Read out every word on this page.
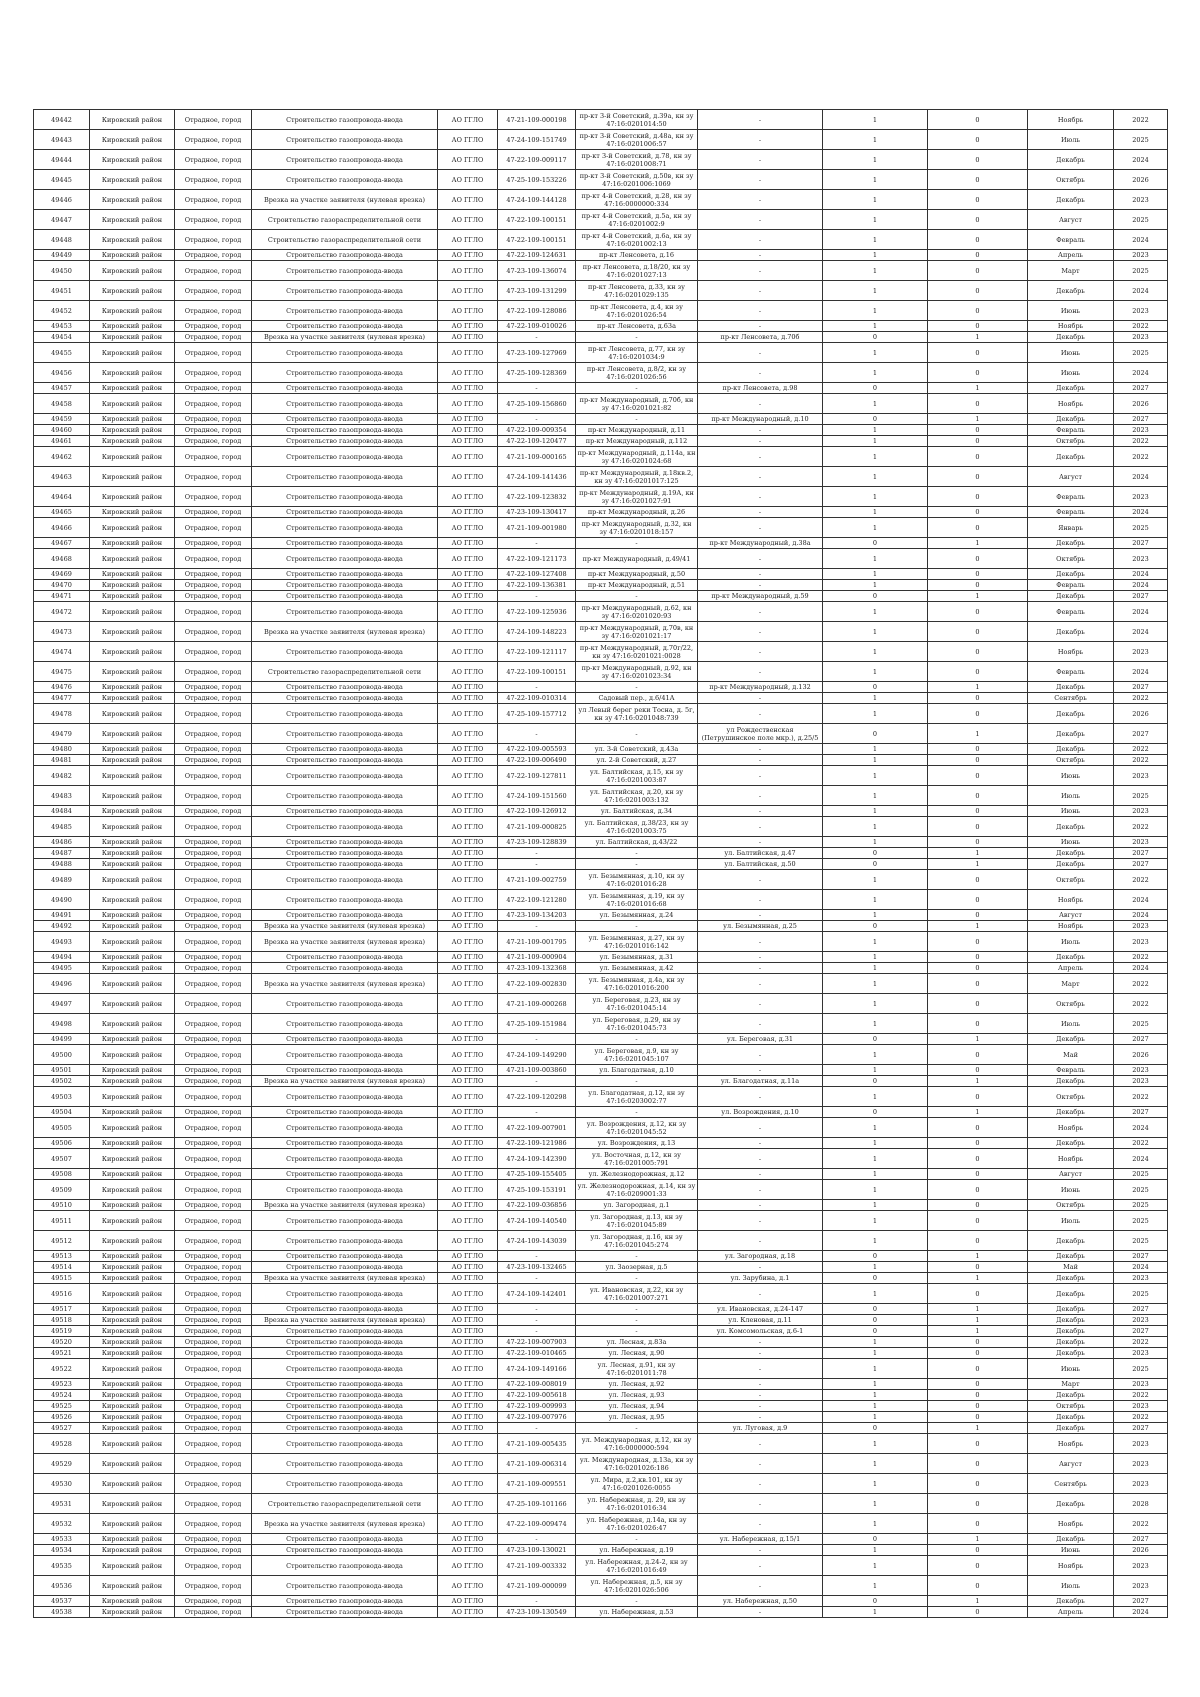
49442	Кировский район	Отрадное, город	Строительство газопровода-ввода	АО ГГЛО	47-21-109-000198	пр-кт 3-й Советский, д.39а, кн зу 47:16:0201014:50	-	1	0	Ноябрь	2022
49443	Кировский район	Отрадное, город	Строительство газопровода-ввода	АО ГГЛО	47-24-109-151749	пр-кт 3-й Советский, д.48а, кн зу 47:16:0201006:57	-	1	0	Июль	2025
49444	Кировский район	Отрадное, город	Строительство газопровода-ввода	АО ГГЛО	47-22-109-009117	пр-кт 3-й Советский, д.78, кн зу 47:16:0201008:71	-	1	0	Декабрь	2024
49445	Кировский район	Отрадное, город	Строительство газопровода-ввода	АО ГГЛО	47-25-109-153226	пр-кт 3-й Советский, д.50в, кн зу 47:16:0201006:1069	-	1	0	Октябрь	2026
49446	Кировский район	Отрадное, город	Врезка на участке заявителя (нулевая врезка)	АО ГГЛО	47-24-109-144128	пр-кт 4-й Советский, д.28, кн зу 47:16:0000000:334	-	1	0	Декабрь	2023
49447	Кировский район	Отрадное, город	Строительство газораспределительной сети	АО ГГЛО	47-22-109-100151	пр-кт 4-й Советский, д.5а, кн зу 47:16:0201002:9	-	1	0	Август	2025
49448	Кировский район	Отрадное, город	Строительство газораспределительной сети	АО ГГЛО	47-22-109-100151	пр-кт 4-й Советский, д.6а, кн зу 47:16:0201002:13	-	1	0	Февраль	2024
49449	Кировский район	Отрадное, город	Строительство газопровода-ввода	АО ГГЛО	47-22-109-124631	пр-кт Ленсовета, д.16	-	1	0	Апрель	2023
49450	Кировский район	Отрадное, город	Строительство газопровода-ввода	АО ГГЛО	47-23-109-136074	пр-кт Ленсовета, д.18/20, кн зу 47:16:0201027:13	-	1	0	Март	2025
49451	Кировский район	Отрадное, город	Строительство газопровода-ввода	АО ГГЛО	47-23-109-131299	пр-кт Ленсовета, д.33, кн зу 47:16:0201029:135	-	1	0	Декабрь	2024
49452	Кировский район	Отрадное, город	Строительство газопровода-ввода	АО ГГЛО	47-22-109-128086	пр-кт Ленсовета, д.4, кн зу 47:16:0201026:54	-	1	0	Июнь	2023
49453	Кировский район	Отрадное, город	Строительство газопровода-ввода	АО ГГЛО	47-22-109-010026	пр-кт Ленсовета, д.63а	-	1	0	Ноябрь	2022
49454	Кировский район	Отрадное, город	Врезка на участке заявителя (нулевая врезка)	АО ГГЛО	-	-	пр-кт Ленсовета, д.70б	0	1	Декабрь	2023
49455	Кировский район	Отрадное, город	Строительство газопровода-ввода	АО ГГЛО	47-23-109-127969	пр-кт Ленсовета, д.77, кн зу 47:16:0201034:9	-	1	0	Июнь	2025
49456	Кировский район	Отрадное, город	Строительство газопровода-ввода	АО ГГЛО	47-25-109-128369	пр-кт Ленсовета, д.8/2, кн зу 47:16:0201026:56	-	1	0	Июнь	2024
49457	Кировский район	Отрадное, город	Строительство газопровода-ввода	АО ГГЛО	-	-	пр-кт Ленсовета, д.98	0	1	Декабрь	2027
49458	Кировский район	Отрадное, город	Строительство газопровода-ввода	АО ГГЛО	47-25-109-156860	пр-кт Международный, д.70б, кн зу 47:16:0201021:82	-	1	0	Ноябрь	2026
49459	Кировский район	Отрадное, город	Строительство газопровода-ввода	АО ГГЛО	-	-	пр-кт Международный, д.10	0	1	Декабрь	2027
49460	Кировский район	Отрадное, город	Строительство газопровода-ввода	АО ГГЛО	47-22-109-009354	пр-кт Международный, д.11	-	1	0	Февраль	2023
49461	Кировский район	Отрадное, город	Строительство газопровода-ввода	АО ГГЛО	47-22-109-120477	пр-кт Международный, д.112	-	1	0	Октябрь	2022
49462	Кировский район	Отрадное, город	Строительство газопровода-ввода	АО ГГЛО	47-21-109-000165	пр-кт Международный, д.114а, кн зу 47:16:0201024:68	-	1	0	Декабрь	2022
49463	Кировский район	Отрадное, город	Строительство газопровода-ввода	АО ГГЛО	47-24-109-141436	пр-кт Международный, д.18кв.2, кн зу 47:16:0201017:125	-	1	0	Август	2024
49464	Кировский район	Отрадное, город	Строительство газопровода-ввода	АО ГГЛО	47-22-109-123832	пр-кт Международный, д.19А, кн зу 47:16:0201027:91	-	1	0	Февраль	2023
49465	Кировский район	Отрадное, город	Строительство газопровода-ввода	АО ГГЛО	47-23-109-130417	пр-кт Международный, д.26	-	1	0	Февраль	2024
49466	Кировский район	Отрадное, город	Строительство газопровода-ввода	АО ГГЛО	47-21-109-001980	пр-кт Международный, д.32, кн зу 47:16:0201018:157	-	1	0	Январь	2025
49467	Кировский район	Отрадное, город	Строительство газопровода-ввода	АО ГГЛО	-	-	пр-кт Международный, д.38а	0	1	Декабрь	2027
49468	Кировский район	Отрадное, город	Строительство газопровода-ввода	АО ГГЛО	47-22-109-121173	пр-кт Международный, д.49/41	-	1	0	Октябрь	2023
49469	Кировский район	Отрадное, город	Строительство газопровода-ввода	АО ГГЛО	47-22-109-127408	пр-кт Международный, д.50	-	1	0	Декабрь	2024
49470	Кировский район	Отрадное, город	Строительство газопровода-ввода	АО ГГЛО	47-22-109-136381	пр-кт Международный, д.51	-	1	0	Февраль	2024
49471	Кировский район	Отрадное, город	Строительство газопровода-ввода	АО ГГЛО	-	-	пр-кт Международный, д.59	0	1	Декабрь	2027
49472	Кировский район	Отрадное, город	Строительство газопровода-ввода	АО ГГЛО	47-22-109-125936	пр-кт Международный, д.62, кн зу 47:16:0201020:93	-	1	0	Февраль	2024
49473	Кировский район	Отрадное, город	Врезка на участке заявителя (нулевая врезка)	АО ГГЛО	47-24-109-148223	пр-кт Международный, д.70в, кн зу 47:16:0201021:17	-	1	0	Декабрь	2024
49474	Кировский район	Отрадное, город	Строительство газопровода-ввода	АО ГГЛО	47-22-109-121117	пр-кт Международный, д.70г/22, кн зу 47:16:0201021:0028	-	1	0	Ноябрь	2023
49475	Кировский район	Отрадное, город	Строительство газораспределительной сети	АО ГГЛО	47-22-109-100151	пр-кт Международный, д.92, кн зу 47:16:0201023:34	-	1	0	Февраль	2024
49476	Кировский район	Отрадное, город	Строительство газопровода-ввода	АО ГГЛО	-	-	пр-кт Международный, д.132	0	1	Декабрь	2027
49477	Кировский район	Отрадное, город	Строительство газопровода-ввода	АО ГГЛО	47-22-109-010314	Садовый пер., д.6/41А	-	1	0	Сентябрь	2022
49478	Кировский район	Отрадное, город	Строительство газопровода-ввода	АО ГГЛО	47-25-109-157712	ул Левый берег реки Тосна, д. 5г, кн зу 47:16:0201048:739	-	1	0	Декабрь	2026
49479	Кировский район	Отрадное, город	Строительство газопровода-ввода	АО ГГЛО	-	-	ул Рождественская (Петрушинское поле мкр.), д.25/5	0	1	Декабрь	2027
49480	Кировский район	Отрадное, город	Строительство газопровода-ввода	АО ГГЛО	47-22-109-005593	ул. 3-й Советский, д.43а	-	1	0	Декабрь	2022
49481	Кировский район	Отрадное, город	Строительство газопровода-ввода	АО ГГЛО	47-22-109-006490	ул. 2-й Советский, д.27	-	1	0	Октябрь	2022
49482	Кировский район	Отрадное, город	Строительство газопровода-ввода	АО ГГЛО	47-22-109-127811	ул. Балтийская, д.15, кн зу 47:16:0201003:87	-	1	0	Июнь	2023
49483	Кировский район	Отрадное, город	Строительство газопровода-ввода	АО ГГЛО	47-24-109-151560	ул. Балтийская, д.20, кн зу 47:16:0201003:132	-	1	0	Июль	2025
49484	Кировский район	Отрадное, город	Строительство газопровода-ввода	АО ГГЛО	47-22-109-126912	ул. Балтийская, д.34	-	1	0	Июнь	2023
49485	Кировский район	Отрадное, город	Строительство газопровода-ввода	АО ГГЛО	47-21-109-000825	ул. Балтийская, д.38/23, кн зу 47:16:0201003:75	-	1	0	Декабрь	2022
49486	Кировский район	Отрадное, город	Строительство газопровода-ввода	АО ГГЛО	47-23-109-128839	ул. Балтийская, д.43/22	-	1	0	Июнь	2023
49487	Кировский район	Отрадное, город	Строительство газопровода-ввода	АО ГГЛО	-	-	ул. Балтийская, д.47	0	1	Декабрь	2027
49488	Кировский район	Отрадное, город	Строительство газопровода-ввода	АО ГГЛО	-	-	ул. Балтийская, д.50	0	1	Декабрь	2027
49489	Кировский район	Отрадное, город	Строительство газопровода-ввода	АО ГГЛО	47-21-109-002759	ул. Безымянная, д.10, кн зу 47:16:0201016:28	-	1	0	Октябрь	2022
49490	Кировский район	Отрадное, город	Строительство газопровода-ввода	АО ГГЛО	47-22-109-121280	ул. Безымянная, д.19, кн зу 47:16:0201016:68	-	1	0	Ноябрь	2024
49491	Кировский район	Отрадное, город	Строительство газопровода-ввода	АО ГГЛО	47-23-109-134203	ул. Безымянная, д.24	-	1	0	Август	2024
49492	Кировский район	Отрадное, город	Врезка на участке заявителя (нулевая врезка)	АО ГГЛО	-	-	ул. Безымянная, д.25	0	1	Ноябрь	2023
49493	Кировский район	Отрадное, город	Врезка на участке заявителя (нулевая врезка)	АО ГГЛО	47-21-109-001795	ул. Безымянная, д.27, кн зу 47:16:0201016:142	-	1	0	Июль	2023
49494	Кировский район	Отрадное, город	Строительство газопровода-ввода	АО ГГЛО	47-21-109-000904	ул. Безымянная, д.31	-	1	0	Декабрь	2022
49495	Кировский район	Отрадное, город	Строительство газопровода-ввода	АО ГГЛО	47-23-109-132368	ул. Безымянная, д.42	-	1	0	Апрель	2024
49496	Кировский район	Отрадное, город	Врезка на участке заявителя (нулевая врезка)	АО ГГЛО	47-22-109-002830	ул. Безымянная, д.4а, кн зу 47:16:0201016:200	-	1	0	Март	2022
49497	Кировский район	Отрадное, город	Строительство газопровода-ввода	АО ГГЛО	47-21-109-000268	ул. Береговая, д.23, кн зу 47:16:0201045:14	-	1	0	Октябрь	2022
49498	Кировский район	Отрадное, город	Строительство газопровода-ввода	АО ГГЛО	47-25-109-151984	ул. Береговая, д.29, кн зу 47:16:0201045:73	-	1	0	Июль	2025
49499	Кировский район	Отрадное, город	Строительство газопровода-ввода	АО ГГЛО	-	-	ул. Береговая, д.31	0	1	Декабрь	2027
49500	Кировский район	Отрадное, город	Строительство газопровода-ввода	АО ГГЛО	47-24-109-149290	ул. Береговая, д.9, кн зу 47:16:0201045:107	-	1	0	Май	2026
49501	Кировский район	Отрадное, город	Строительство газопровода-ввода	АО ГГЛО	47-21-109-003860	ул. Благодатная, д.10	-	1	0	Февраль	2023
49502	Кировский район	Отрадное, город	Врезка на участке заявителя (нулевая врезка)	АО ГГЛО	-	-	ул. Благодатная, д.11а	0	1	Декабрь	2023
49503	Кировский район	Отрадное, город	Строительство газопровода-ввода	АО ГГЛО	47-22-109-120298	ул. Благодатная, д.12, кн зу 47:16:0203002:77	-	1	0	Октябрь	2022
49504	Кировский район	Отрадное, город	Строительство газопровода-ввода	АО ГГЛО	-	-	ул. Возрождения, д.10	0	1	Декабрь	2027
49505	Кировский район	Отрадное, город	Строительство газопровода-ввода	АО ГГЛО	47-22-109-007901	ул. Возрождения, д.12, кн зу 47:16:0201045:52	-	1	0	Ноябрь	2024
49506	Кировский район	Отрадное, город	Строительство газопровода-ввода	АО ГГЛО	47-22-109-121986	ул. Возрождения, д.13	-	1	0	Декабрь	2022
49507	Кировский район	Отрадное, город	Строительство газопровода-ввода	АО ГГЛО	47-24-109-142390	ул. Восточная, д.12, кн зу 47:16:0201005:791	-	1	0	Ноябрь	2024
49508	Кировский район	Отрадное, город	Строительство газопровода-ввода	АО ГГЛО	47-25-109-155405	ул. Железнодорожная, д.12	-	1	0	Август	2025
49509	Кировский район	Отрадное, город	Строительство газопровода-ввода	АО ГГЛО	47-25-109-153191	ул. Железнодорожная, д.14, кн зу 47:16:0209001:33	-	1	0	Июнь	2025
49510	Кировский район	Отрадное, город	Врезка на участке заявителя (нулевая врезка)	АО ГГЛО	47-22-109-036856	ул. Загородная, д.1	-	1	0	Октябрь	2025
49511	Кировский район	Отрадное, город	Строительство газопровода-ввода	АО ГГЛО	47-24-109-140540	ул. Загородная, д.13, кн зу 47:16:0201045:89	-	1	0	Июль	2025
49512	Кировский район	Отрадное, город	Строительство газопровода-ввода	АО ГГЛО	47-24-109-143039	ул. Загородная, д.16, кн зу 47:16:0201045:274	-	1	0	Декабрь	2025
49513	Кировский район	Отрадное, город	Строительство газопровода-ввода	АО ГГЛО	-	-	ул. Загородная, д.18	0	1	Декабрь	2027
49514	Кировский район	Отрадное, город	Строительство газопровода-ввода	АО ГГЛО	47-23-109-132465	ул. Заозерная, д.5	-	1	0	Май	2024
49515	Кировский район	Отрадное, город	Врезка на участке заявителя (нулевая врезка)	АО ГГЛО	-	-	ул. Зарубина, д.1	0	1	Декабрь	2023
49516	Кировский район	Отрадное, город	Строительство газопровода-ввода	АО ГГЛО	47-24-109-142401	ул. Ивановская, д.22, кн зу 47:16:0201007:271	-	1	0	Декабрь	2025
49517	Кировский район	Отрадное, город	Строительство газопровода-ввода	АО ГГЛО	-	-	ул. Ивановская, д.24-147	0	1	Декабрь	2027
49518	Кировский район	Отрадное, город	Врезка на участке заявителя (нулевая врезка)	АО ГГЛО	-	-	ул. Кленовая, д.11	0	1	Декабрь	2023
49519	Кировский район	Отрадное, город	Строительство газопровода-ввода	АО ГГЛО	-	-	ул. Комсомольская, д.6-1	0	1	Декабрь	2027
49520	Кировский район	Отрадное, город	Строительство газопровода-ввода	АО ГГЛО	47-22-109-007903	ул. Лесная, д.83а	-	1	0	Декабрь	2022
49521	Кировский район	Отрадное, город	Строительство газопровода-ввода	АО ГГЛО	47-22-109-010465	ул. Лесная, д.90	-	1	0	Декабрь	2023
49522	Кировский район	Отрадное, город	Строительство газопровода-ввода	АО ГГЛО	47-24-109-149166	ул. Лесная, д.91, кн зу 47:16:0201011:78	-	1	0	Июнь	2025
49523	Кировский район	Отрадное, город	Строительство газопровода-ввода	АО ГГЛО	47-22-109-008019	ул. Лесная, д.92	-	1	0	Март	2023
49524	Кировский район	Отрадное, город	Строительство газопровода-ввода	АО ГГЛО	47-22-109-005618	ул. Лесная, д.93	-	1	0	Декабрь	2022
49525	Кировский район	Отрадное, город	Строительство газопровода-ввода	АО ГГЛО	47-22-109-009993	ул. Лесная, д.94	-	1	0	Октябрь	2023
49526	Кировский район	Отрадное, город	Строительство газопровода-ввода	АО ГГЛО	47-22-109-007976	ул. Лесная, д.95	-	1	0	Декабрь	2022
49527	Кировский район	Отрадное, город	Строительство газопровода-ввода	АО ГГЛО	-	-	ул. Луговая, д.9	0	1	Декабрь	2027
49528	Кировский район	Отрадное, город	Строительство газопровода-ввода	АО ГГЛО	47-21-109-005435	ул. Международная, д.12, кн зу 47:16:0000000:594	-	1	0	Ноябрь	2023
49529	Кировский район	Отрадное, город	Строительство газопровода-ввода	АО ГГЛО	47-21-109-006314	ул. Международная, д.13а, кн зу 47:16:0201026:186	-	1	0	Август	2023
49530	Кировский район	Отрадное, город	Строительство газопровода-ввода	АО ГГЛО	47-21-109-009551	ул. Мира, д.2,кв.101, кн зу 47:16:0201026:0055	-	1	0	Сентябрь	2023
49531	Кировский район	Отрадное, город	Строительство газораспределительной сети	АО ГГЛО	47-25-109-101166	ул. Набережная, д. 29, кн зу 47:16:0201016:34	-	1	0	Декабрь	2028
49532	Кировский район	Отрадное, город	Врезка на участке заявителя (нулевая врезка)	АО ГГЛО	47-22-109-009474	ул. Набережная, д.14а, кн зу 47:16:0201026:47	-	1	0	Ноябрь	2022
49533	Кировский район	Отрадное, город	Строительство газопровода-ввода	АО ГГЛО	-	-	ул. Набережная, д.15/1	0	1	Декабрь	2027
49534	Кировский район	Отрадное, город	Строительство газопровода-ввода	АО ГГЛО	47-23-109-130021	ул. Набережная, д.19	-	1	0	Июнь	2026
49535	Кировский район	Отрадное, город	Строительство газопровода-ввода	АО ГГЛО	47-21-109-003332	ул. Набережная, д.24-2, кн зу 47:16:0201016:49	-	1	0	Ноябрь	2023
49536	Кировский район	Отрадное, город	Строительство газопровода-ввода	АО ГГЛО	47-21-109-000099	ул. Набережная, д.5, кн зу 47:16:0201026:506	-	1	0	Июль	2023
49537	Кировский район	Отрадное, город	Строительство газопровода-ввода	АО ГГЛО	-	-	ул. Набережная, д.50	0	1	Декабрь	2027
49538	Кировский район	Отрадное, город	Строительство газопровода-ввода	АО ГГЛО	47-23-109-130549	ул. Набережная, д.53	-	1	0	Апрель	2024
